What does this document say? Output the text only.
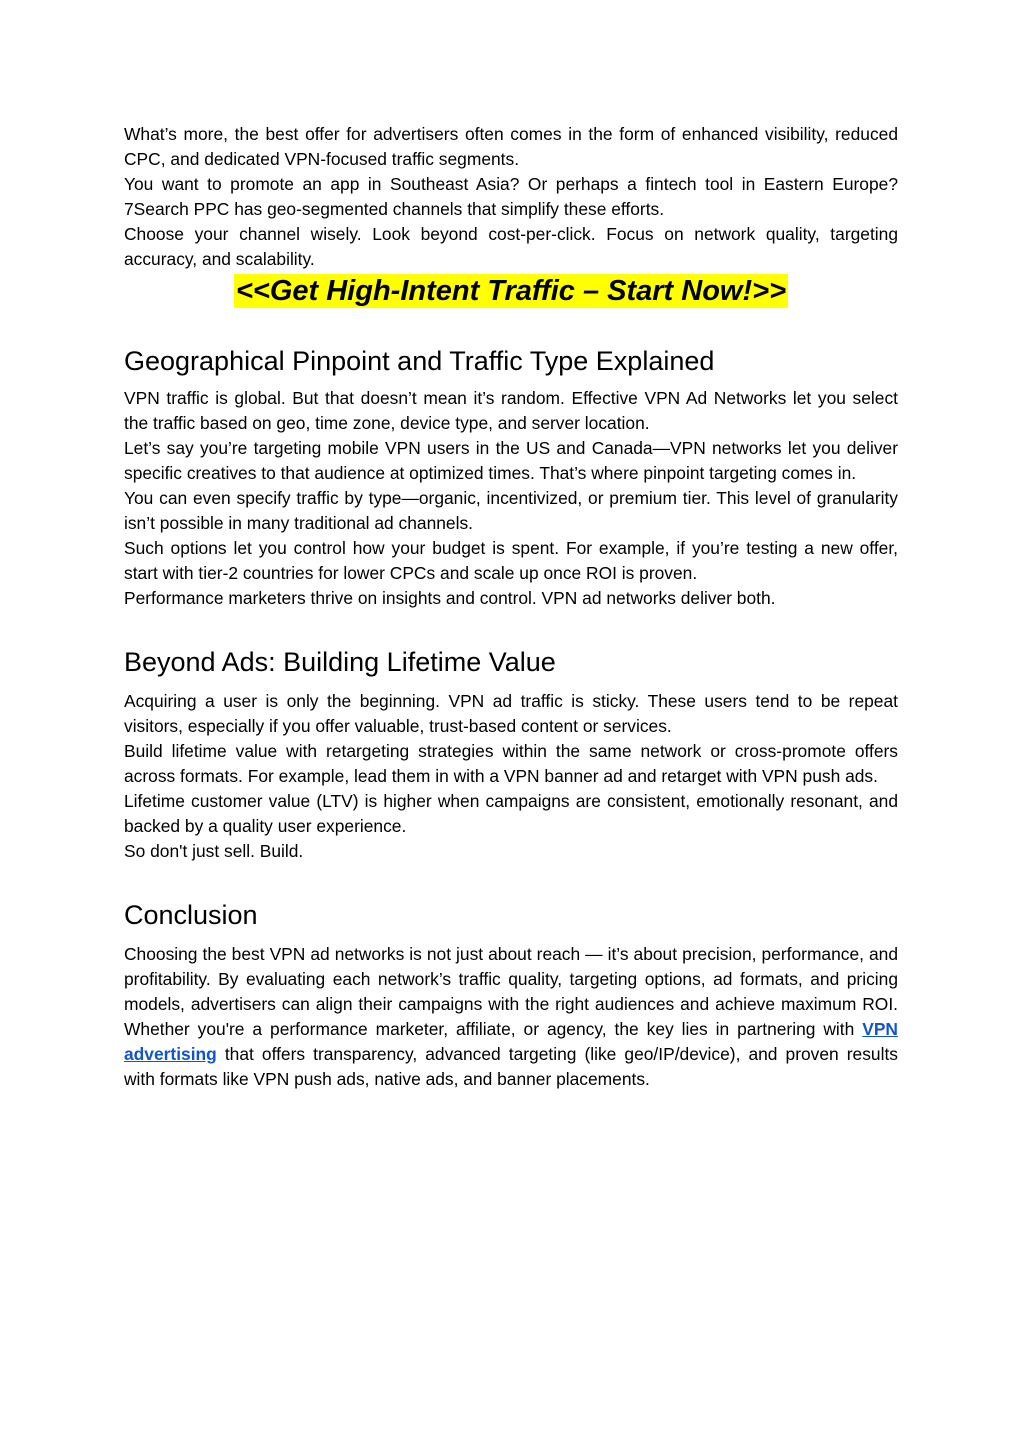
What’s more, the best offer for advertisers often comes in the form of enhanced visibility, reduced CPC, and dedicated VPN-focused traffic segments.

You want to promote an app in Southeast Asia? Or perhaps a fintech tool in Eastern Europe? 7Search PPC has geo-segmented channels that simplify these efforts.

Choose your channel wisely. Look beyond cost-per-click. Focus on network quality, targeting accuracy, and scalability.

<<Get High-Intent Traffic – Start Now!>>
Geographical Pinpoint and Traffic Type Explained

VPN traffic is global. But that doesn’t mean it’s random. Effective VPN Ad Networks let you select the traffic based on geo, time zone, device type, and server location.

Let’s say you’re targeting mobile VPN users in the US and Canada—VPN networks let you deliver specific creatives to that audience at optimized times. That’s where pinpoint targeting comes in.

You can even specify traffic by type—organic, incentivized, or premium tier. This level of granularity isn’t possible in many traditional ad channels.

Such options let you control how your budget is spent. For example, if you’re testing a new offer, start with tier-2 countries for lower CPCs and scale up once ROI is proven.

Performance marketers thrive on insights and control. VPN ad networks deliver both.

Beyond Ads: Building Lifetime Value

Acquiring a user is only the beginning. VPN ad traffic is sticky. These users tend to be repeat visitors, especially if you offer valuable, trust-based content or services.

Build lifetime value with retargeting strategies within the same network or cross-promote offers across formats. For example, lead them in with a VPN banner ad and retarget with VPN push ads.

Lifetime customer value (LTV) is higher when campaigns are consistent, emotionally resonant, and backed by a quality user experience.

So don't just sell. Build.

Conclusion

Choosing the best VPN ad networks is not just about reach — it’s about precision, performance, and profitability. By evaluating each network’s traffic quality, targeting options, ad formats, and pricing models, advertisers can align their campaigns with the right audiences and achieve maximum ROI. Whether you're a performance marketer, affiliate, or agency, the key lies in partnering with VPN advertising that offers transparency, advanced targeting (like geo/IP/device), and proven results with formats like VPN push ads, native ads, and banner placements.
